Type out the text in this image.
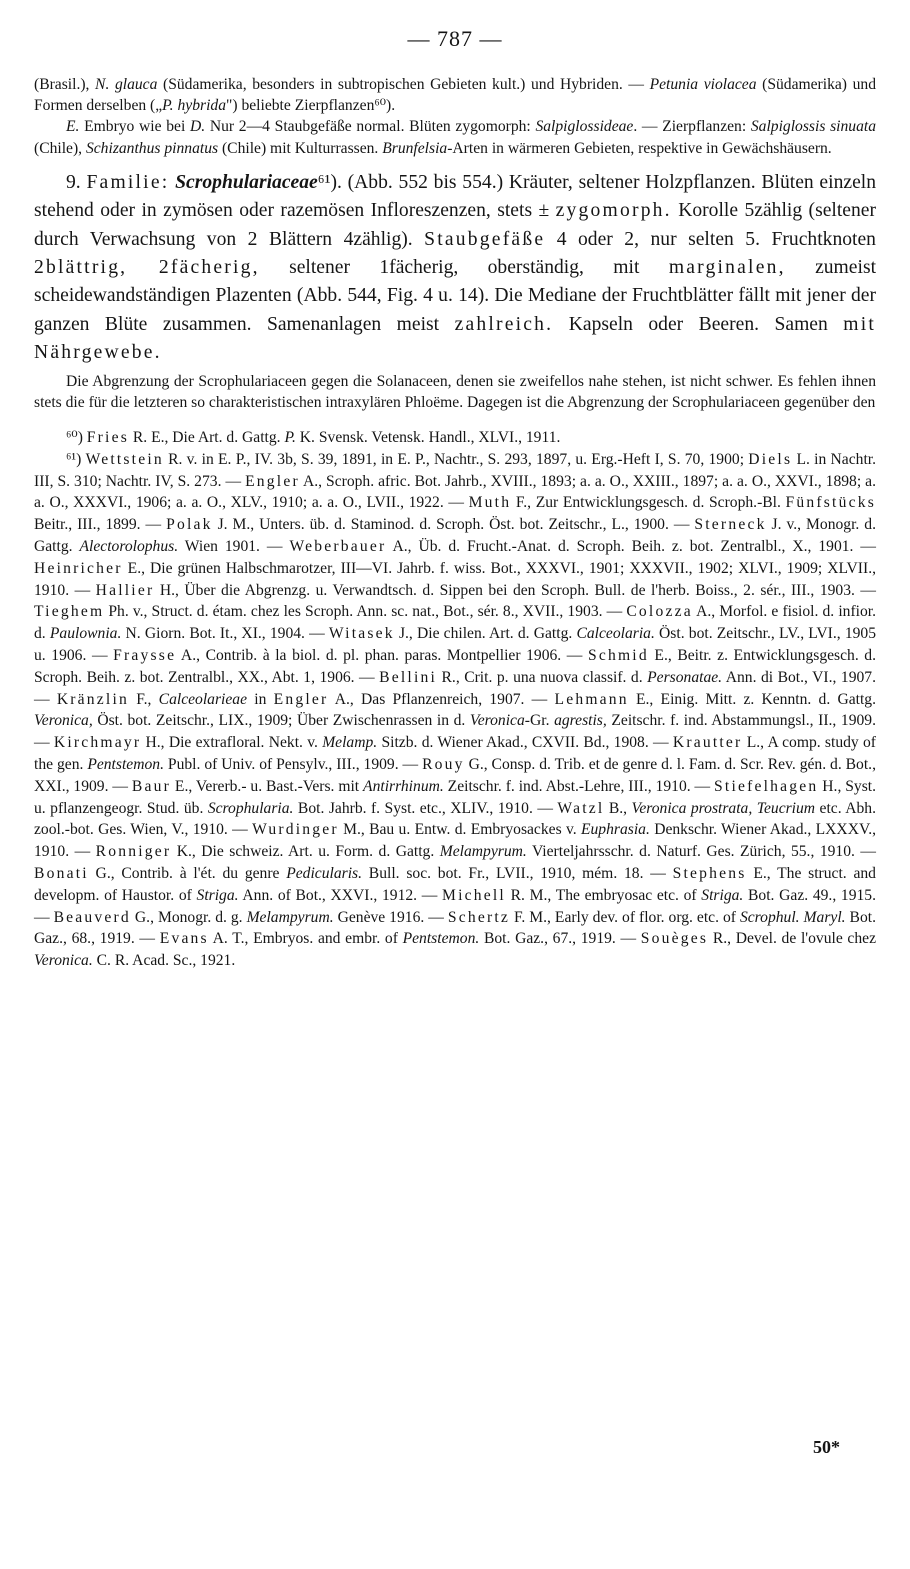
— 787 —

(Brasil.), N. glauca (Südamerika, besonders in subtropischen Gebieten kult.) und Hybriden. — Petunia violacea (Südamerika) und Formen derselben („P. hybrida") beliebte Zierpflanzen⁶⁰).

E. Embryo wie bei D. Nur 2—4 Staubgefäße normal. Blüten zygomorph: Salpiglossideae. — Zierpflanzen: Salpiglossis sinuata (Chile), Schizanthus pinnatus (Chile) mit Kulturrassen. Brunfelsia-Arten in wärmeren Gebieten, respektive in Gewächshäusern.

9. Familie: Scrophulariaceae⁶¹). (Abb. 552 bis 554.) Kräuter, seltener Holzpflanzen. Blüten einzeln stehend oder in zymösen oder razemösen Infloreszenzen, stets ± zygomorph. Korolle 5zählig (seltener durch Verwachsung von 2 Blättern 4zählig). Staubgefäße 4 oder 2, nur selten 5. Fruchtknoten 2blättrig, 2fächerig, seltener 1fächerig, oberständig, mit marginalen, zumeist scheidewandständigen Plazenten (Abb. 544, Fig. 4 u. 14). Die Mediane der Fruchtblätter fällt mit jener der ganzen Blüte zusammen. Samenanlagen meist zahlreich. Kapseln oder Beeren. Samen mit Nährgewebe.

Die Abgrenzung der Scrophulariaceen gegen die Solanaceen, denen sie zweifellos nahe stehen, ist nicht schwer. Es fehlen ihnen stets die für die letzteren so charakteristischen intraxylären Phloëme. Dagegen ist die Abgrenzung der Scrophulariaceen gegenüber den

⁶⁰) Fries R. E., Die Art. d. Gattg. P. K. Svensk. Vetensk. Handl., XLVI., 1911.

⁶¹) Wettstein R. v. in E. P., IV. 3b, S. 39, 1891, in E. P., Nachtr., S. 293, 1897, u. Erg.-Heft I, S. 70, 1900; Diels L. in Nachtr. III, S. 310; Nachtr. IV, S. 273. — Engler A., Scroph. afric. Bot. Jahrb., XVIII., 1893; a. a. O., XXIII., 1897; a. a. O., XXVI., 1898; a. a. O., XXXVI., 1906; a. a. O., XLV., 1910; a. a. O., LVII., 1922. — Muth F., Zur Entwicklungsgesch. d. Scroph.-Bl. Fünfstücks Beitr., III., 1899. — Polak J. M., Unters. üb. d. Staminod. d. Scroph. Öst. bot. Zeitschr., L., 1900. — Sterneck J. v., Monogr. d. Gattg. Alectorolophus. Wien 1901. — Weberbauer A., Üb. d. Frucht.-Anat. d. Scroph. Beih. z. bot. Zentralbl., X., 1901. — Heinricher E., Die grünen Halbschmarotzer, III—VI. Jahrb. f. wiss. Bot., XXXVI., 1901; XXXVII., 1902; XLVI., 1909; XLVII., 1910. — Hallier H., Über die Abgrenzg. u. Verwandtsch. d. Sippen bei den Scroph. Bull. de l'herb. Boiss., 2. sér., III., 1903. — Tieghem Ph. v., Struct. d. étam. chez les Scroph. Ann. sc. nat., Bot., sér. 8., XVII., 1903. — Colozza A., Morfol. e fisiol. d. infior. d. Paulownia. N. Giorn. Bot. It., XI., 1904. — Witasek J., Die chilen. Art. d. Gattg. Calceolaria. Öst. bot. Zeitschr., LV., LVI., 1905 u. 1906. — Fraysse A., Contrib. à la biol. d. pl. phan. paras. Montpellier 1906. — Schmid E., Beitr. z. Entwicklungsgesch. d. Scroph. Beih. z. bot. Zentralbl., XX., Abt. 1, 1906. — Bellini R., Crit. p. una nuova classif. d. Personatae. Ann. di Bot., VI., 1907. — Kränzlin F., Calceolarieae in Engler A., Das Pflanzenreich, 1907. — Lehmann E., Einig. Mitt. z. Kenntn. d. Gattg. Veronica, Öst. bot. Zeitschr., LIX., 1909; Über Zwischenrassen in d. Veronica-Gr. agrestis, Zeitschr. f. ind. Abstammungsl., II., 1909. — Kirchmayr H., Die extrafloral. Nekt. v. Melamp. Sitzb. d. Wiener Akad., CXVII. Bd., 1908. — Krautter L., A comp. study of the gen. Pentstemon. Publ. of Univ. of Pensylv., III., 1909. — Rouy G., Consp. d. Trib. et de genre d. l. Fam. d. Scr. Rev. gén. d. Bot., XXI., 1909. — Baur E., Vererb.- u. Bast.-Vers. mit Antirrhinum. Zeitschr. f. ind. Abst.-Lehre, III., 1910. — Stiefelhagen H., Syst. u. pflanzengeogr. Stud. üb. Scrophularia. Bot. Jahrb. f. Syst. etc., XLIV., 1910. — Watzl B., Veronica prostrata, Teucrium etc. Abh. zool.-bot. Ges. Wien, V., 1910. — Wurdinger M., Bau u. Entw. d. Embryosackes v. Euphrasia. Denkschr. Wiener Akad., LXXXV., 1910. — Ronniger K., Die schweiz. Art. u. Form. d. Gattg. Melampyrum. Vierteljahrsschr. d. Naturf. Ges. Zürich, 55., 1910. — Bonati G., Contrib. à l'ét. du genre Pedicularis. Bull. soc. bot. Fr., LVII., 1910, mém. 18. — Stephens E., The struct. and developm. of Haustor. of Striga. Ann. of Bot., XXVI., 1912. — Michell R. M., The embryosac etc. of Striga. Bot. Gaz. 49., 1915. — Beauverd G., Monogr. d. g. Melampyrum. Genève 1916. — Schertz F. M., Early dev. of flor. org. etc. of Scrophul. Maryl. Bot. Gaz., 68., 1919. — Evans A. T., Embryos. and embr. of Pentstemon. Bot. Gaz., 67., 1919. — Souèges R., Devel. de l'ovule chez Veronica. C. R. Acad. Sc., 1921.

50*
